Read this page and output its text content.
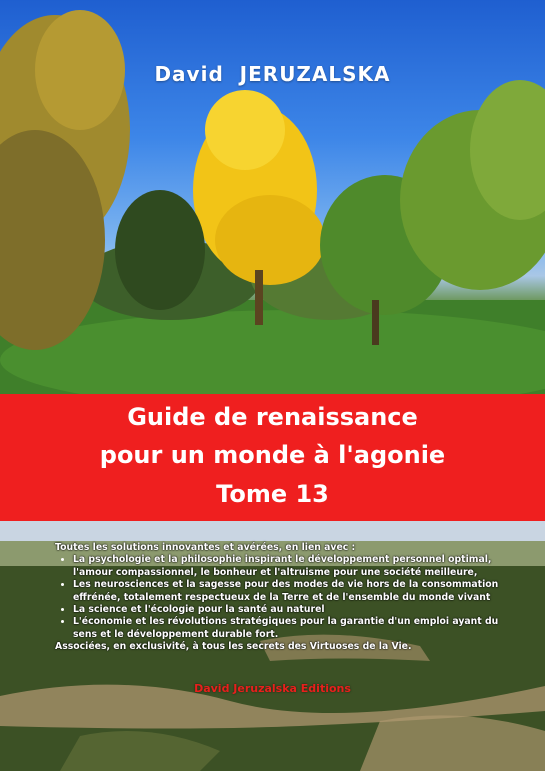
David  JERUZALSKA
Guide de renaissance
pour un monde à l'agonie
Tome 13

Toutes les solutions innovantes et avérées, en lien avec :

• La psychologie et la philosophie inspirant le développement personnel optimal, l'amour compassionnel, le bonheur et l'altruisme pour une société meilleure,
• Les neurosciences et la sagesse pour des modes de vie hors de la consommation effrénée, totalement respectueux de la Terre et de l'ensemble du monde vivant
• La science et l'écologie pour la santé au naturel
• L'économie et les révolutions stratégiques pour la garantie d'un emploi ayant du sens et le développement durable fort.

Associées, en exclusivité, à tous les secrets des Virtuoses de la Vie.

David Jeruzalska Editions
